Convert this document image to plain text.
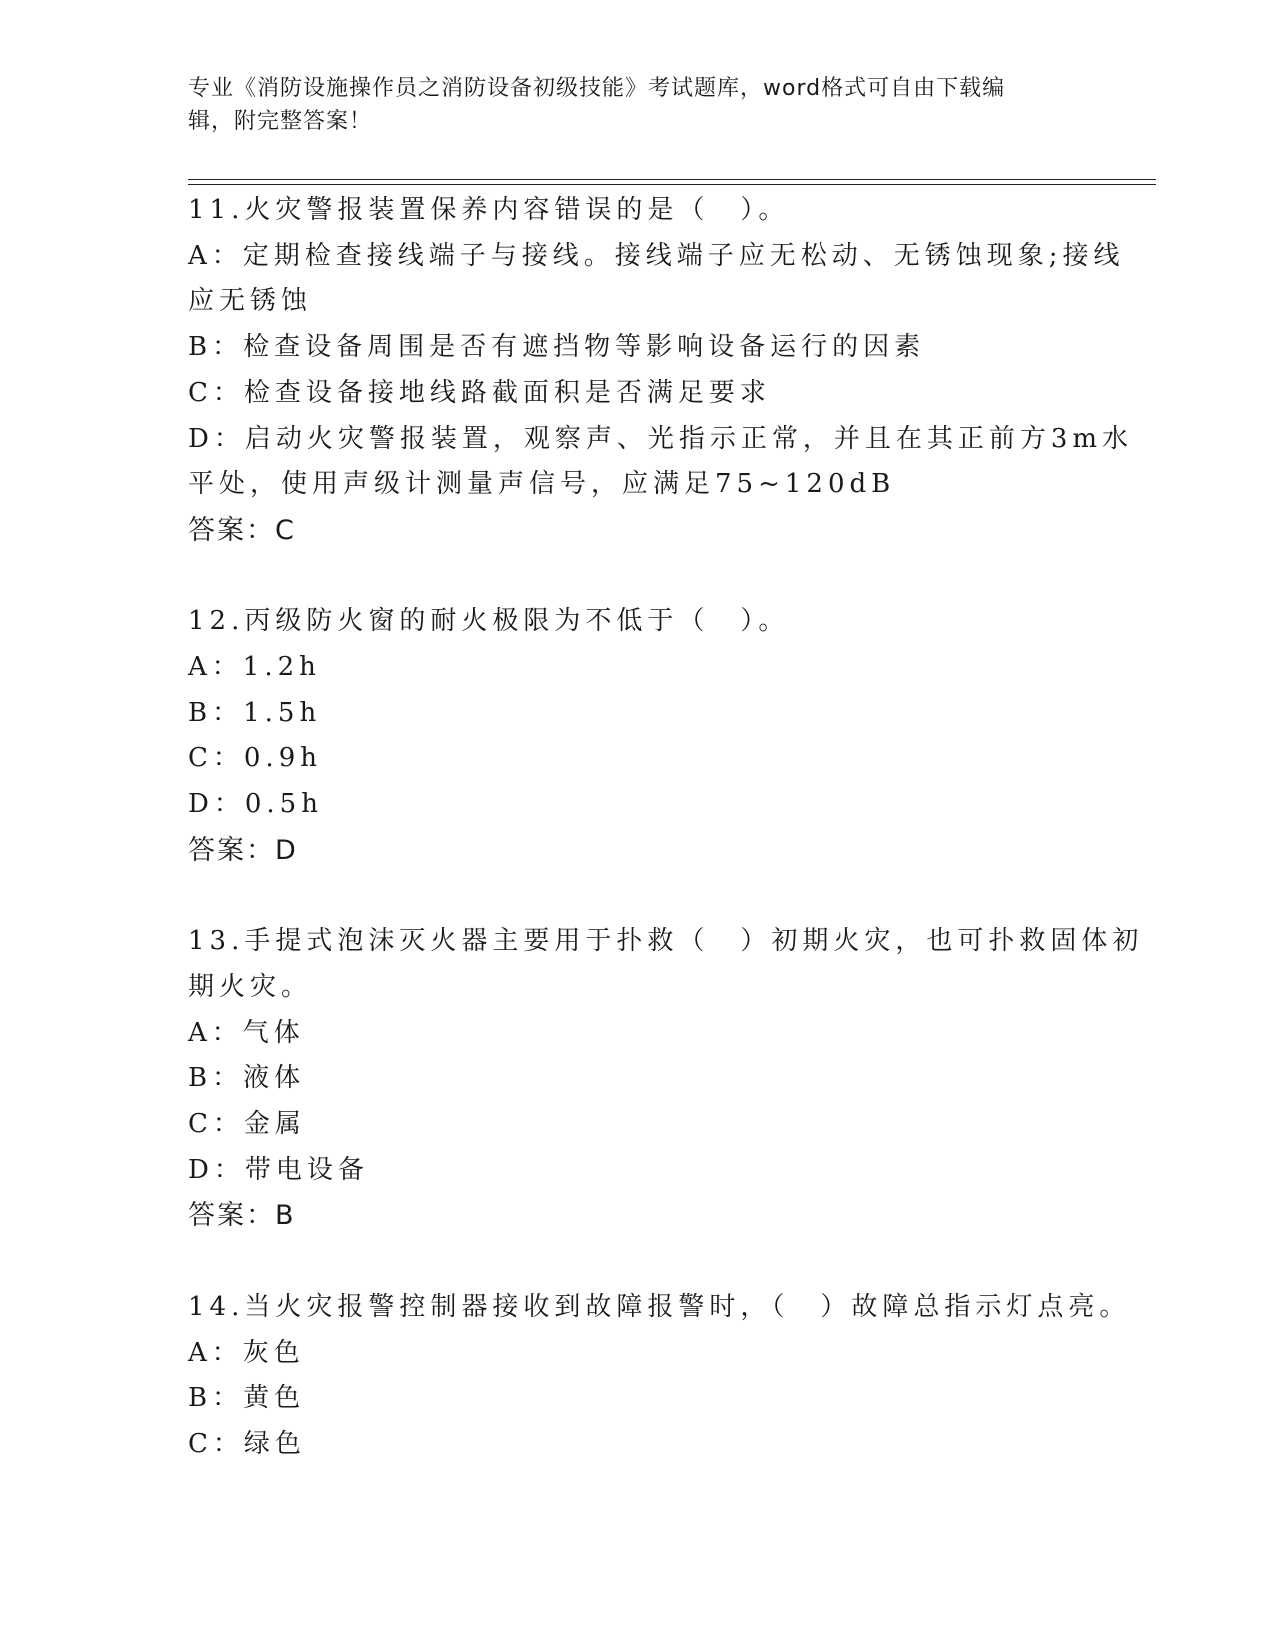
专业《消防设施操作员之消防设备初级技能》考试题库，word格式可自由下载编
辑，附完整答案！
11.火灾警报装置保养内容错误的是（　）。
A：定期检查接线端子与接线。接线端子应无松动、无锈蚀现象;接线
应无锈蚀
B：检查设备周围是否有遮挡物等影响设备运行的因素
C：检查设备接地线路截面积是否满足要求
D：启动火灾警报装置，观察声、光指示正常，并且在其正前方3m水
平处，使用声级计测量声信号，应满足75~120dB
答案：C
12.丙级防火窗的耐火极限为不低于（　）。
A：1.2h
B：1.5h
C：0.9h
D：0.5h
答案：D
13.手提式泡沫灭火器主要用于扑救（　）初期火灾，也可扑救固体初
期火灾。
A：气体
B：液体
C：金属
D：带电设备
答案：B
14.当火灾报警控制器接收到故障报警时，（　）故障总指示灯点亮。
A：灰色
B：黄色
C：绿色
